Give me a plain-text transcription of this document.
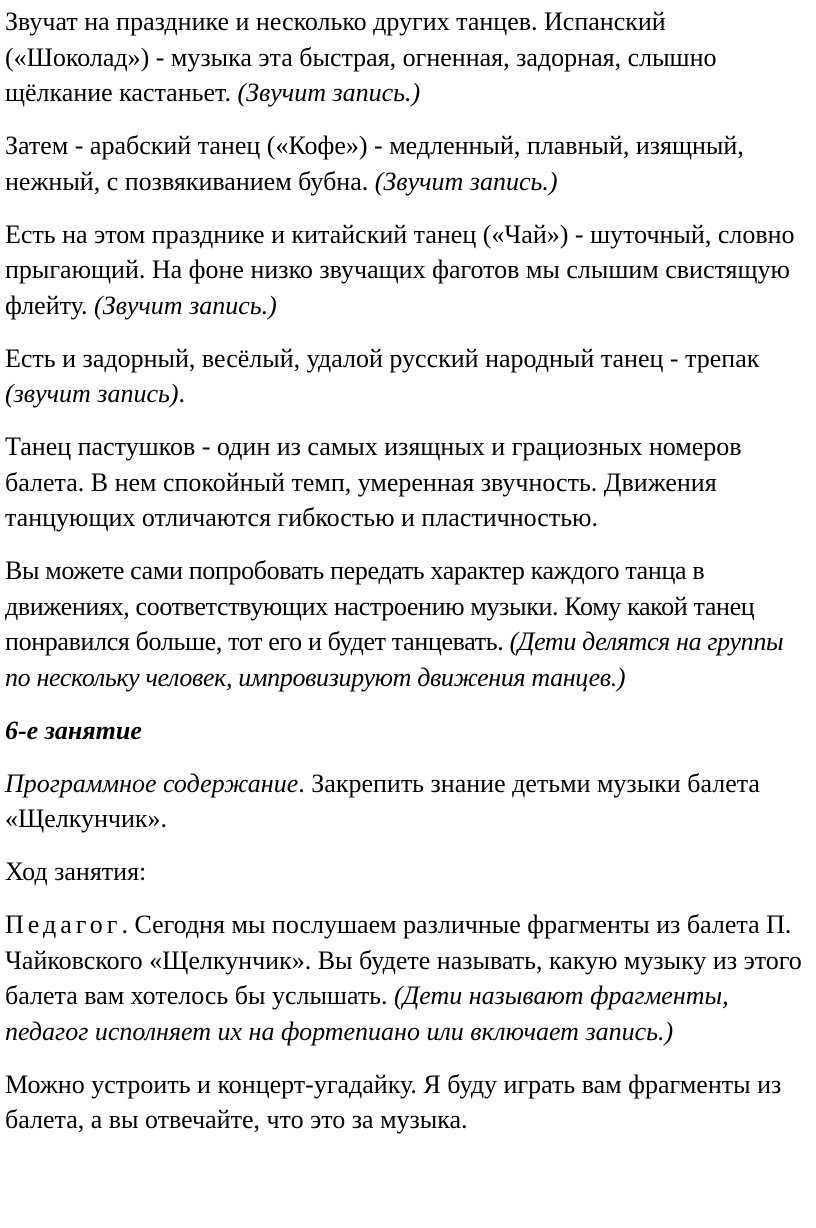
Звучат на празднике и несколько других танцев. Испанский («Шоколад») - музыка эта быстрая, огненная, задорная, слышно щёлкание кастаньет. (Звучит запись.)

Затем - арабский танец («Кофе») - медленный, плавный, изящный, нежный, с позвякиванием бубна. (Звучит запись.)

Есть на этом празднике и китайский танец («Чай») - шуточный, словно прыгающий. На фоне низко звучащих фаготов мы слышим свистящую флейту. (Звучит запись.)

Есть и задорный, весёлый, удалой русский народный танец - трепак (звучит запись).

Танец пастушков - один из самых изящных и грациозных номеров балета. В нем спокойный темп, умеренная звучность. Движения танцующих отличаются гибкостью и пластичностью.

Вы можете сами попробовать передать характер каждого танца в движениях, соответствующих настроению музыки. Кому какой танец понравился больше, тот его и будет танцевать. (Дети делятся на группы по нескольку человек, импровизируют движения танцев.)

6-е занятие

Программное содержание. Закрепить знание детьми музыки балета «Щелкунчик».

Ход занятия:

Педагог. Сегодня мы послушаем различные фрагменты из балета П. Чайковского «Щелкунчик». Вы будете называть, какую музыку из этого балета вам хотелось бы услышать. (Дети называют фрагменты, педагог исполняет их на фортепиано или включает запись.)

Можно устроить и концерт-угадайку. Я буду играть вам фрагменты из балета, а вы отвечайте, что это за музыка.
